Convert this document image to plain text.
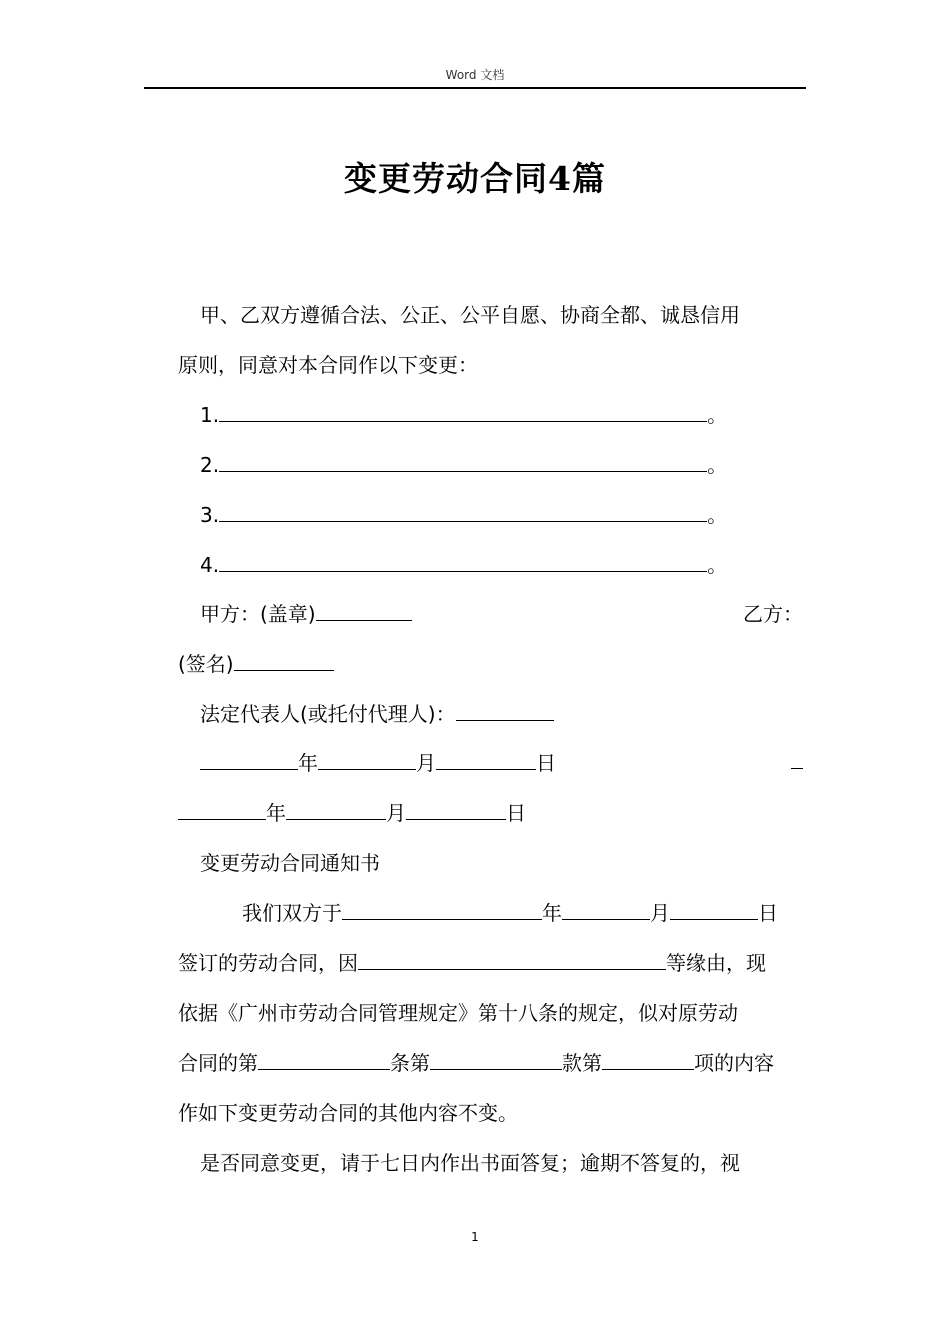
Word 文档
变更劳动合同4篇
甲、乙双方遵循合法、公正、公平自愿、协商全都、诚恳信用
原则，同意对本合同作以下变更：
1.	。
2.	。
3.	。
4.	。
甲方：(盖章)	乙方：
(签名)
法定代表人(或托付代理人)：
年	月	日
年	月	日
变更劳动合同通知书
我们双方于	年	月	日
签订的劳动合同，因	等缘由，现
依据《广州市劳动合同管理规定》第十八条的规定，似对原劳动
合同的第	条第	款第	项的内容
作如下变更劳动合同的其他内容不变。
是否同意变更，请于七日内作出书面答复；逾期不答复的，视
1
